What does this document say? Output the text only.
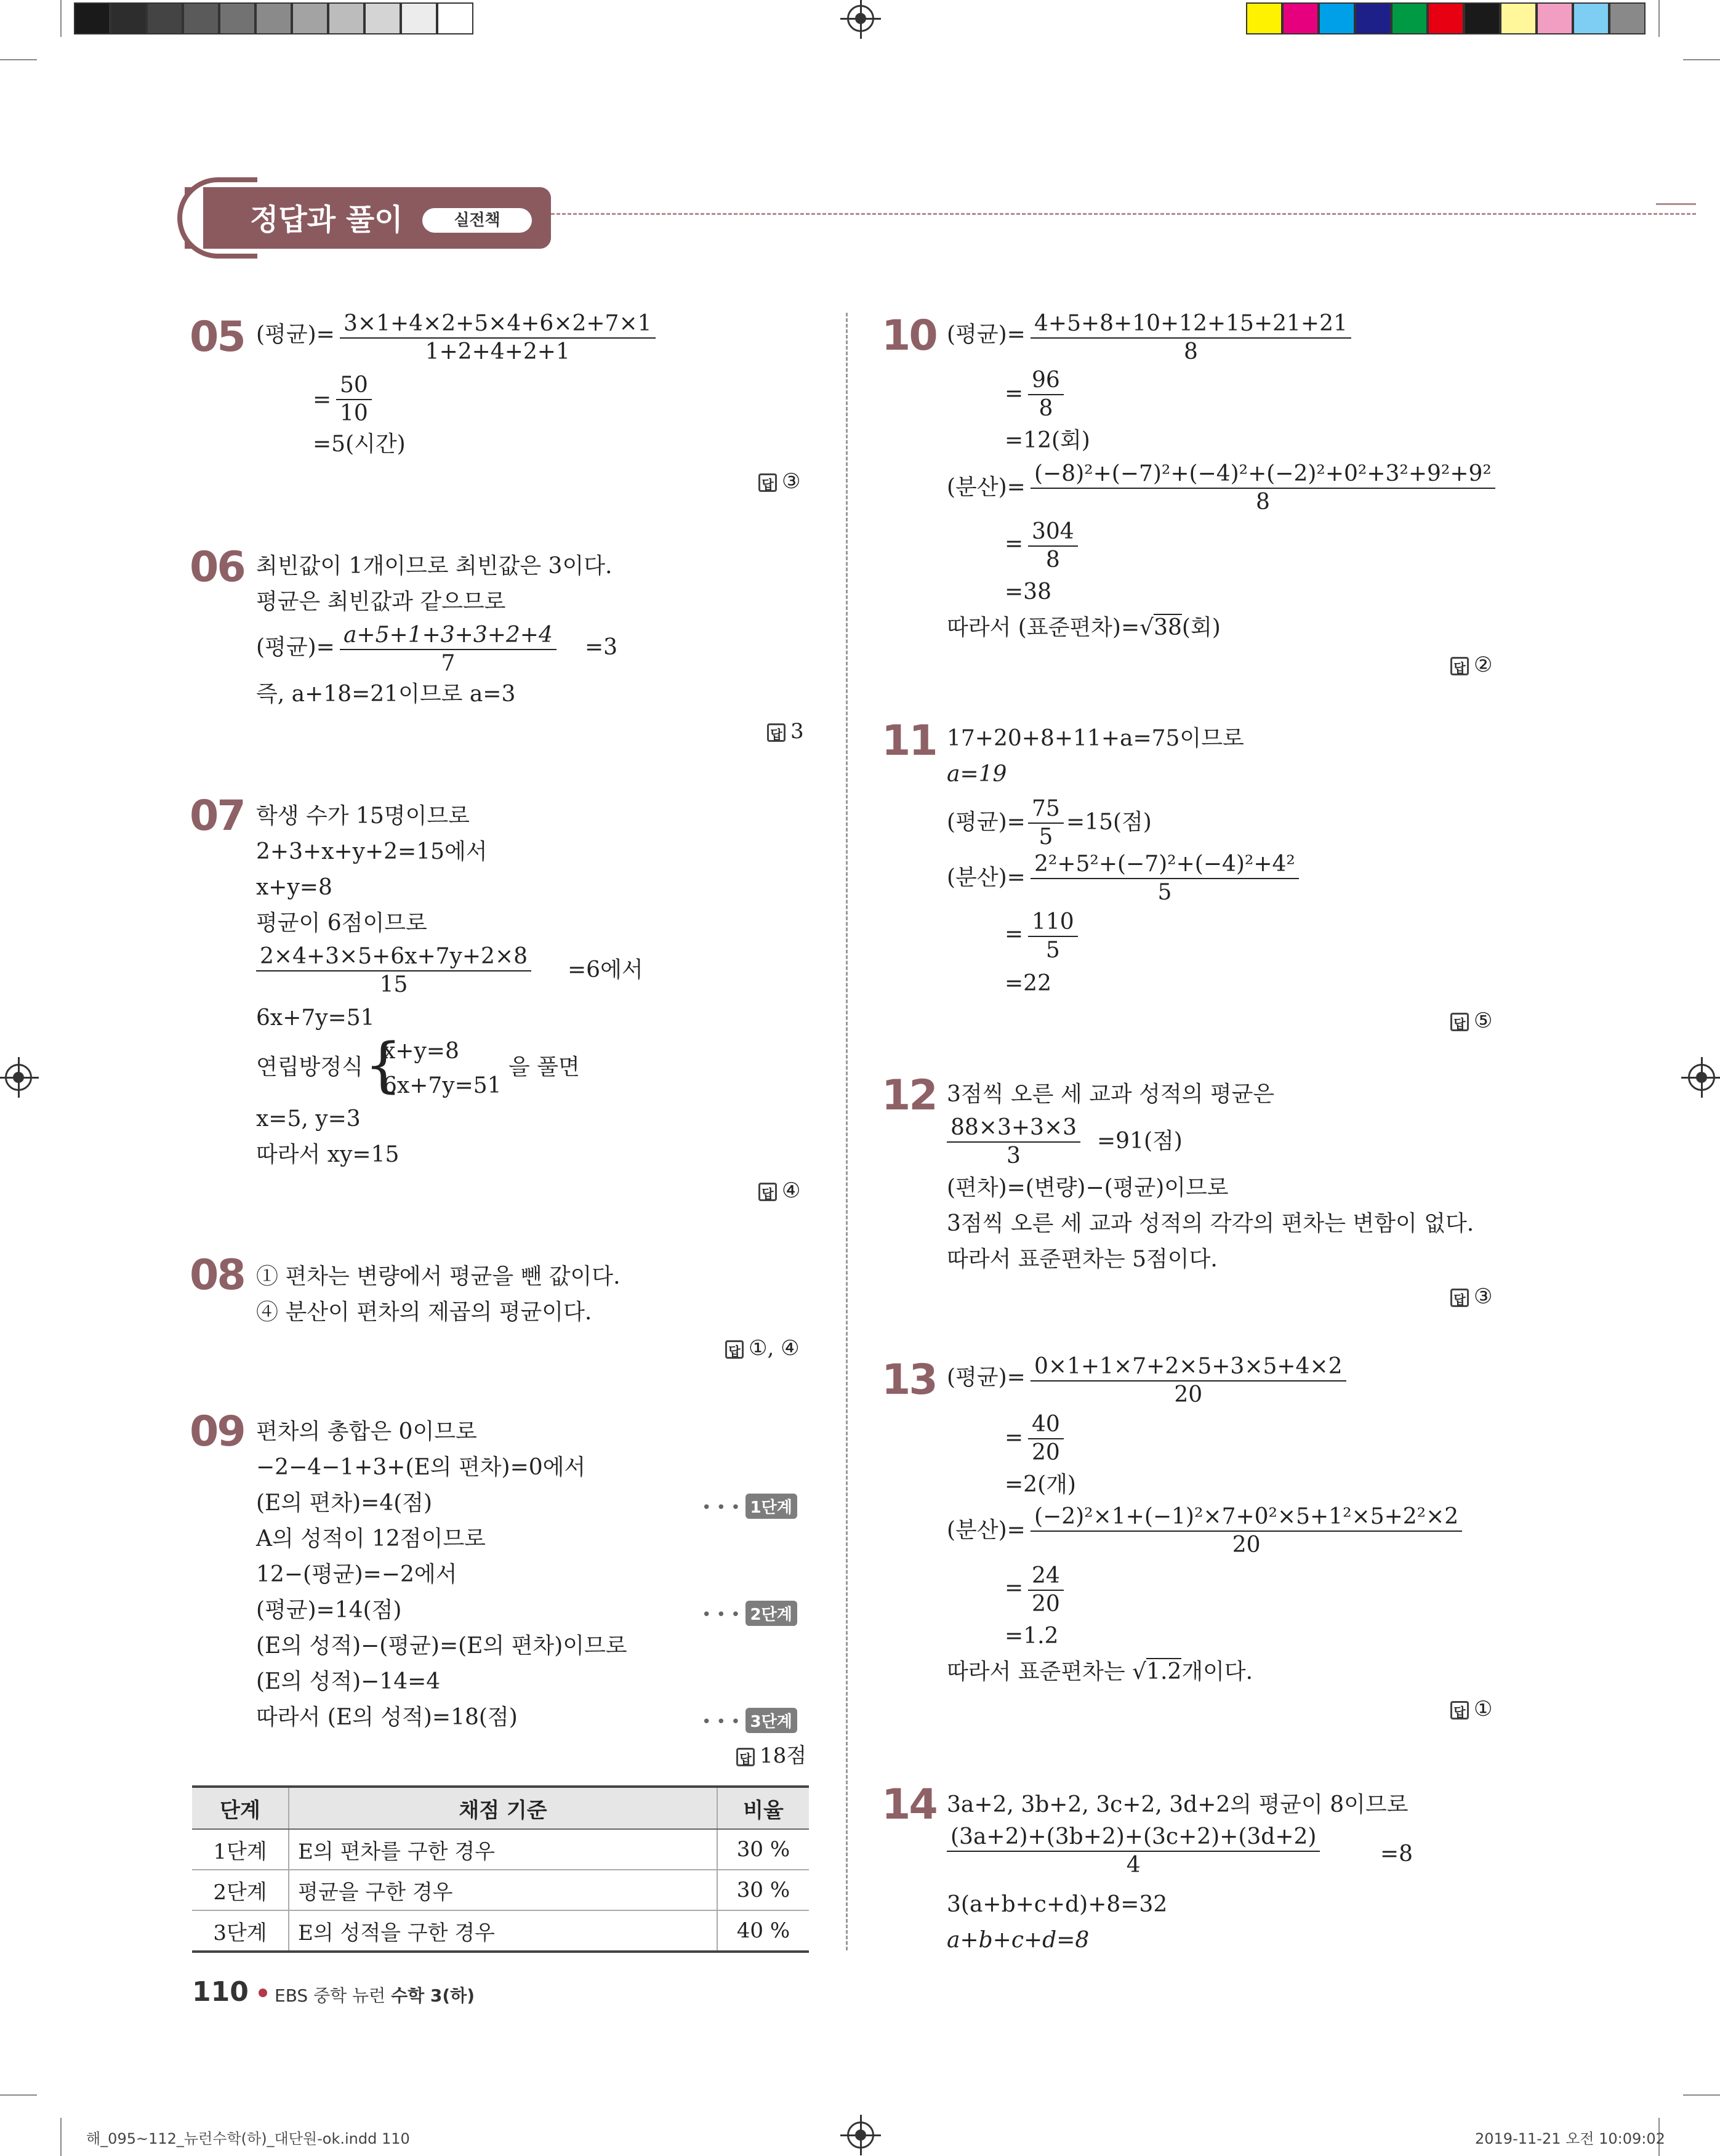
정답과 풀이	실전책
05 (평균)= $\frac{3\times 1+4\times 2+5\times 4+6\times 2+7\times 1}{1+2+4+2+1}$
= $\frac{50}{10}$
=5(시간)
답 ③
06 최빈값이 1개이므로 최빈값은 3이다.
평균은 최빈값과 같으므로
(평균)= $\frac{a+5+1+3+3+2+4}{7} =3$
즉, a+18=21이므로 a=3
답 3
07 학생 수가 15명이므로
2+3+x+y+2=15에서
x+y=8
평균이 6점이므로
$\frac{2\times 4+3\times 5+6x+7y+2\times 8}{15} =6$에서
6x+7y=51
연립방정식 {
x+y=8
6x+7y=51
을 풀면
x=5, y=3
따라서 xy=15
답 ④
08 ① 편차는 변량에서 평균을 뺀 값이다.
④ 분산이 편차의 제곱의 평균이다.
답 ①, ④
09 편차의 총합은 0이므로
−2−4−1+3+(E의 편차)=0에서
(E의 편차)=4(점)	• • • 1단계
A의 성적이 12점이므로
12−(평균)=−2에서
(평균)=14(점)	• • • 2단계
(E의 성적)−(평균)=(E의 편차)이므로
(E의 성적)−14=4
따라서 (E의 성적)=18(점)	• • • 3단계
답 18점
단계	채점 기준	비율
1단계	E의 편차를 구한 경우	30 %
2단계	평균을 구한 경우	30 %
3단계	E의 성적을 구한 경우	40 %
10 (평균)= $\frac{4+5+8+10+12+15+21+21}{8}$
= $\frac{96}{8}$
=12(회)
(분산)= $\frac{\text{(−8)²+(−7)²+(−4)²+(−2)²+0²+3²+9²+9²}}{8}$
= $\frac{304}{8}$
=38
따라서 (표준편차)=√38(회)
답 ②
11 17+20+8+11+a=75이므로
a=19
(평균)= $\frac{75}{5} =15$(점)
(분산)= $\frac{\text{2²+5²+(−7)²+(−4)²+4²}}{5}$
= $\frac{110}{5}$
=22
답 ⑤
12 3점씩 오른 세 교과 성적의 평균은
$\frac{88\times 3+3\times 3}{3} =91$(점)
(편차)=(변량)−(평균)이므로
3점씩 오른 세 교과 성적의 각각의 편차는 변함이 없다.
따라서 표준편차는 5점이다.
답 ③
13 (평균)= $\frac{0\times 1+1\times 7+2\times 5+3\times 5+4\times 2}{20}$
= $\frac{40}{20}$
=2(개)
(분산)= $\frac{\text{(−2)²×1+(−1)²×7+0²×5+1²×5+2²×2}}{20}$
= $\frac{24}{20}$
=1.2
따라서 표준편차는 √1.2개이다.
답 ①
14 3a+2, 3b+2, 3c+2, 3d+2의 평균이 8이므로
$\frac{(3a+2)+(3b+2)+(3c+2)+(3d+2)}{4}$	=8
3(a+b+c+d)+8=32
a+b+c+d=8
110 EBS 중학 뉴런 수학 3(하)
해_095~112_뉴런수학(하)_대단원-ok.indd 110	2019-11-21 오전 10:09:02
